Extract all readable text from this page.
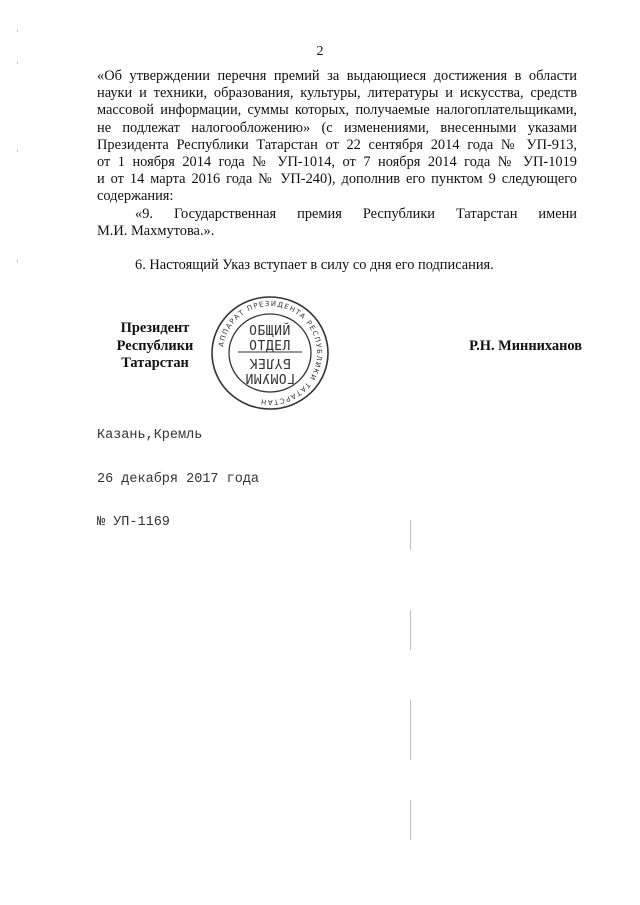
2
«Об утверждении перечня премий за выдающиеся достижения в области
науки и техники, образования, культуры, литературы и искусства, средств
массовой информации, суммы которых, получаемые налогоплательщиками,
не подлежат налогообложению» (с изменениями, внесенными указами
Президента Республики Татарстан от 22 сентября 2014 года № УП-913,
от 1 ноября 2014 года № УП-1014, от 7 ноября 2014 года № УП-1019
и от 14 марта 2016 года № УП-240), дополнив его пунктом 9 следующего
содержания:
«9. Государственная премия Республики Татарстан имени
М.И. Махмутова.».
6. Настоящий Указ вступает в силу со дня его подписания.
Президент
Республики Татарстан
АППАРАТ ПРЕЗИДЕНТА РЕСПУБЛИКИ ТАТАРСТАН
ОБЩИЙ
ОТДЕЛ
БҮЛЕК
ГОМУМИ
Р.Н. Минниханов

Казань,Кремль

26 декабря 2017 года

№ УП-1169
